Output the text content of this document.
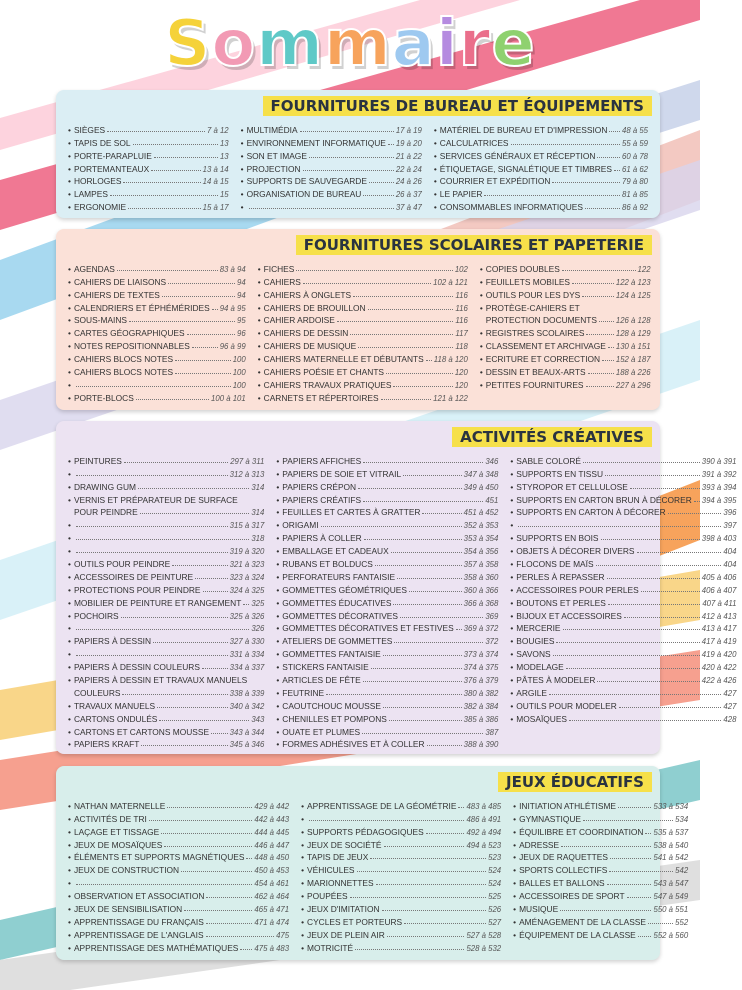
Sommaire
FOURNITURES DE BUREAU ET ÉQUIPEMENTS
• SIÈGES	7 à 12
• TAPIS DE SOL	13
• PORTE-PARAPLUIE	13
• PORTEMANTEAUX	13 à 14
• HORLOGES	14 à 15
• LAMPES	15
• ERGONOMIE	15 à 17
• MULTIMÉDIA	17 à 19
• ENVIRONNEMENT INFORMATIQUE 19 à 20
• SON ET IMAGE	21 à 22
• PROJECTION	22 à 24
• SUPPORTS DE SAUVEGARDE	24 à 26
• ORGANISATION DE BUREAU	26 à 37
•	37 à 47
• MATÉRIEL DE BUREAU ET D'IMPRESSION 48 à 55
• CALCULATRICES	55 à 59
• SERVICES GÉNÉRAUX ET RÉCEPTION	60 à 78
• ÉTIQUETAGE, SIGNALÉTIQUE ET TIMBRES 61 à 62
• COURRIER ET EXPÉDITION	79 à 80
• LE PAPIER	81 à 85
• CONSOMMABLES INFORMATIQUES	86 à 92
FOURNITURES SCOLAIRES ET PAPETERIE
• AGENDAS	83 à 94
• CAHIERS DE LIAISONS	94
• CAHIERS DE TEXTES	94
• CALENDRIERS ET ÉPHÉMÉRIDES 94 à 95
• SOUS-MAINS	95
• CARTES GÉOGRAPHIQUES	96
• NOTES REPOSITIONNABLES	96 à 99
• CAHIERS BLOCS NOTES	100
• CAHIERS BLOCS NOTES	100
•	100
• PORTE-BLOCS	100 à 101
• FICHES	102
• CAHIERS	102 à 121
• CAHIERS À ONGLETS	116
• CAHIERS DE BROUILLON	116
• CAHIER ARDOISE	116
• CAHIERS DE DESSIN	117
• CAHIERS DE MUSIQUE	118
• CAHIERS MATERNELLE ET DÉBUTANTS 118 à 120
• CAHIERS POÉSIE ET CHANTS	120
• CAHIERS TRAVAUX PRATIQUES	120
• CARNETS ET RÉPERTOIRES	121 à 122
• COPIES DOUBLES	122
• FEUILLETS MOBILES	122 à 123
• OUTILS POUR LES DYS	124 à 125
• PROTÈGE-CAHIERS ET
PROTECTION DOCUMENTS 126 à 128
• REGISTRES SCOLAIRES	128 à 129
• CLASSEMENT ET ARCHIVAGE 130 à 151
• ECRITURE ET CORRECTION 152 à 187
• DESSIN ET BEAUX-ARTS	188 à 226
• PETITES FOURNITURES	227 à 296
ACTIVITÉS CRÉATIVES
• PEINTURES	297 à 311
•	312 à 313
• DRAWING GUM	314
• VERNIS ET PRÉPARATEUR DE SURFACE
POUR PEINDRE	314
•	315 à 317
•	318
•	319 à 320
• OUTILS POUR PEINDRE	321 à 323
• ACCESSOIRES DE PEINTURE	323 à 324
• PROTECTIONS POUR PEINDRE	324 à 325
• MOBILIER DE PEINTURE ET RANGEMENT 325
• POCHOIRS	325 à 326
•	326
• PAPIERS À DESSIN	327 à 330
•	331 à 334
• PAPIERS À DESSIN COULEURS	334 à 337
• PAPIERS À DESSIN ET TRAVAUX MANUELS
COULEURS	338 à 339
• TRAVAUX MANUELS	340 à 342
• CARTONS ONDULÉS	343
• CARTONS ET CARTONS MOUSSE	343 à 344
• PAPIERS KRAFT	345 à 346
• PAPIERS AFFICHES	346
• PAPIERS DE SOIE ET VITRAIL	347 à 348
• PAPIERS CRÉPON	349 à 450
• PAPIERS CRÉATIFS	451
• FEUILLES ET CARTES À GRATTER	451 à 452
• ORIGAMI	352 à 353
• PAPIERS À COLLER	353 à 354
• EMBALLAGE ET CADEAUX	354 à 356
• RUBANS ET BOLDUCS	357 à 358
• PERFORATEURS FANTAISIE	358 à 360
• GOMMETTES GÉOMÉTRIQUES	360 à 366
• GOMMETTES ÉDUCATIVES	366 à 368
• GOMMETTES DÉCORATIVES	369
• GOMMETTES DÉCORATIVES ET FESTIVES 369 à 372
• ATELIERS DE GOMMETTES	372
• GOMMETTES FANTAISIE	373 à 374
• STICKERS FANTAISIE	374 à 375
• ARTICLES DE FÊTE	376 à 379
• FEUTRINE	380 à 382
• CAOUTCHOUC MOUSSE	382 à 384
• CHENILLES ET POMPONS	385 à 386
• OUATE ET PLUMES	387
• FORMES ADHÉSIVES ET À COLLER	388 à 390
• SABLE COLORÉ	390 à 391
• SUPPORTS EN TISSU	391 à 392
• STYROPOR ET CELLULOSE	393 à 394
• SUPPORTS EN CARTON BRUN À DÉCORER 394 à 395
• SUPPORTS EN CARTON À DÉCORER	396
•	397
• SUPPORTS EN BOIS	398 à 403
• OBJETS À DÉCORER DIVERS	404
• FLOCONS DE MAÏS	404
• PERLES À REPASSER	405 à 406
• ACCESSOIRES POUR PERLES	406 à 407
• BOUTONS ET PERLES	407 à 411
• BIJOUX ET ACCESSOIRES	412 à 413
• MERCERIE	413 à 417
• BOUGIES	417 à 419
• SAVONS	419 à 420
• MODELAGE	420 à 422
• PÂTES À MODELER	422 à 426
• ARGILE	427
• OUTILS POUR MODELER	427
• MOSAÏQUES	428
JEUX ÉDUCATIFS
• NATHAN MATERNELLE	429 à 442
• ACTIVITÉS DE TRI	442 à 443
• LAÇAGE ET TISSAGE	444 à 445
• JEUX DE MOSAÏQUES	446 à 447
• ÉLÉMENTS ET SUPPORTS MAGNÉTIQUES 448 à 450
• JEUX DE CONSTRUCTION	450 à 453
•	454 à 461
• OBSERVATION ET ASSOCIATION	462 à 464
• JEUX DE SENSIBILISATION	465 à 471
• APPRENTISSAGE DU FRANÇAIS	471 à 474
• APPRENTISSAGE DE L'ANGLAIS	475
• APPRENTISSAGE DES MATHÉMATIQUES 475 à 483
• APPRENTISSAGE DE LA GÉOMÉTRIE 483 à 485
•	486 à 491
• SUPPORTS PÉDAGOGIQUES	492 à 494
• JEUX DE SOCIÉTÉ	494 à 523
• TAPIS DE JEUX	523
• VÉHICULES	524
• MARIONNETTES	524
• POUPÉES	525
• JEUX D'IMITATION	526
• CYCLES ET PORTEURS	527
• JEUX DE PLEIN AIR	527 à 528
• MOTRICITÉ	528 à 532
• INITIATION ATHLÉTISME	533 à 534
• GYMNASTIQUE	534
• ÉQUILIBRE ET COORDINATION 535 à 537
• ADRESSE	538 à 540
• JEUX DE RAQUETTES	541 à 542
• SPORTS COLLECTIFS	542
• BALLES ET BALLONS	543 à 547
• ACCESSOIRES DE SPORT	547 à 549
• MUSIQUE	550 à 551
• AMÉNAGEMENT DE LA CLASSE	552
• ÉQUIPEMENT DE LA CLASSE 552 à 560
